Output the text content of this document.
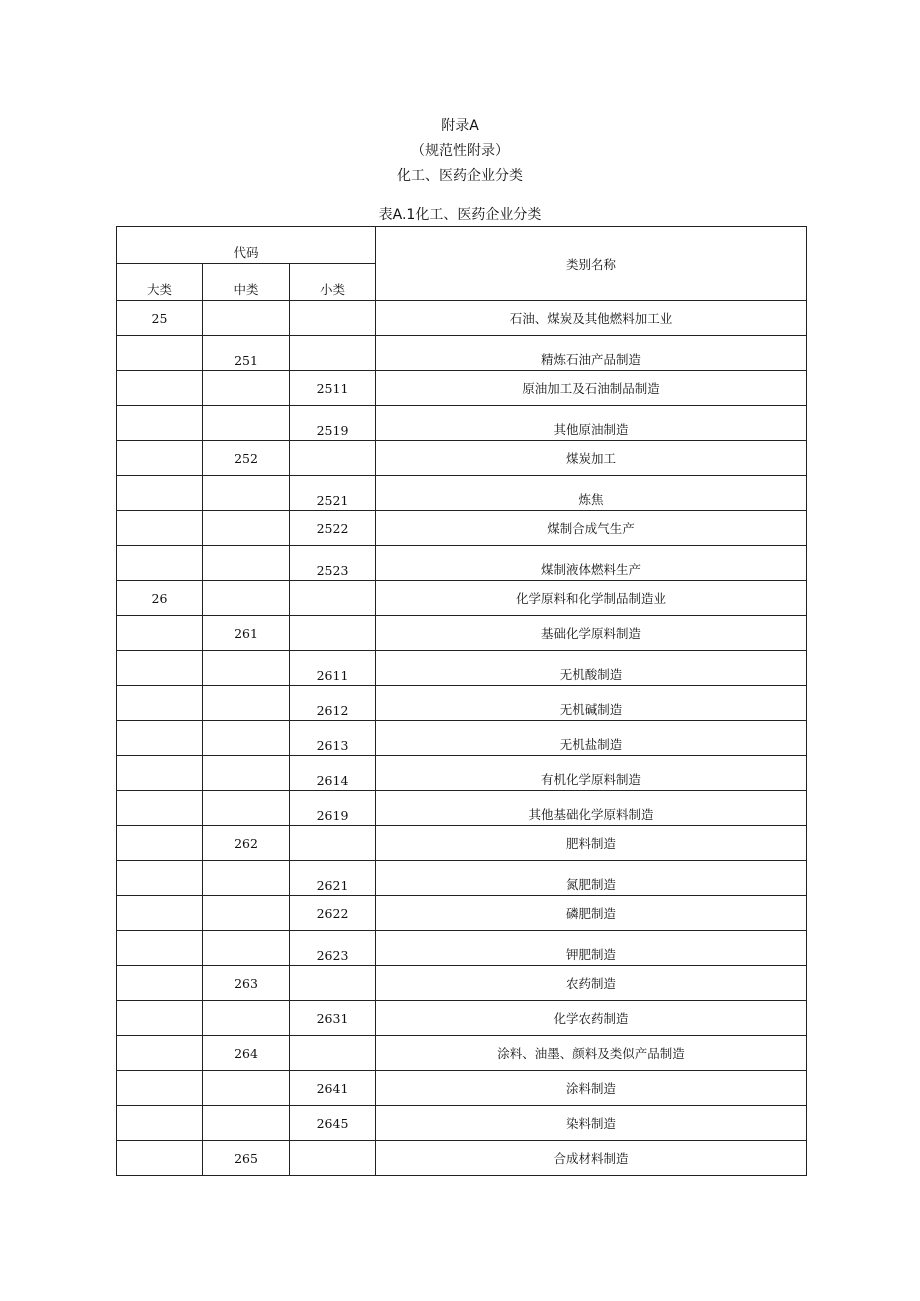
附录A
（规范性附录）
化工、医药企业分类
表A.1化工、医药企业分类
代码			类别名称
大类	中类	小类	
25			石油、煤炭及其他燃料加工业
	251		精炼石油产品制造
		2511	原油加工及石油制品制造
		2519	其他原油制造
	252		煤炭加工
		2521	炼焦
		2522	煤制合成气生产
		2523	煤制液体燃料生产
26			化学原料和化学制品制造业
	261		基础化学原料制造
		2611	无机酸制造
		2612	无机碱制造
		2613	无机盐制造
		2614	有机化学原料制造
		2619	其他基础化学原料制造
	262		肥料制造
		2621	氮肥制造
		2622	磷肥制造
		2623	钾肥制造
	263		农药制造
		2631	化学农药制造
	264		涂料、油墨、颜料及类似产品制造
		2641	涂料制造
		2645	染料制造
	265		合成材料制造
